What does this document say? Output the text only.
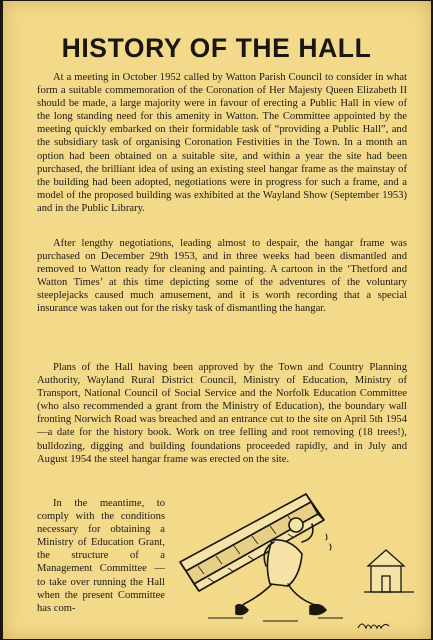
HISTORY OF THE HALL

At a meeting in October 1952 called by Watton Parish Council to consider in what form a suitable commemoration of the Coronation of Her Majesty Queen Elizabeth II should be made, a large majority were in favour of erecting a Public Hall in view of the long standing need for this amenity in Watton. The Committee appointed by the meeting quickly embarked on their formidable task of “providing a Public Hall”, and the subsidiary task of organising Coronation Festivities in the Town. In a month an option had been obtained on a suitable site, and within a year the site had been purchased, the brilliant idea of using an existing steel hangar frame as the mainstay of the building had been adopted, negotiations were in progress for such a frame, and a model of the proposed building was exhibited at the Wayland Show (September 1953) and in the Public Library.

After lengthy negotiations, leading almost to despair, the hangar frame was purchased on December 29th 1953, and in three weeks had been dismantled and removed to Watton ready for cleaning and painting. A cartoon in the ‘Thetford and Watton Times’ at this time depicting some of the adventures of the voluntary steeplejacks caused much amusement, and it is worth recording that a special insurance was taken out for the risky task of dismantling the hangar.

Plans of the Hall having been approved by the Town and Country Planning Authority, Wayland Rural District Council, Ministry of Education, Ministry of Transport, National Council of Social Service and the Norfolk Education Committee (who also recommended a grant from the Ministry of Education), the boundary wall fronting Norwich Road was breached and an entrance cut to the site on April 5th 1954—a date for the history book. Work on tree felling and root removing (18 trees!), bulldozing, digging and building foundations proceeded rapidly, and in July and August 1954 the steel hangar frame was erected on the site.

In the meantime, to comply with the conditions necessary for obtaining a Ministry of Education Grant, the structure of a Management Committee — to take over running the Hall when the present Committee has com-
